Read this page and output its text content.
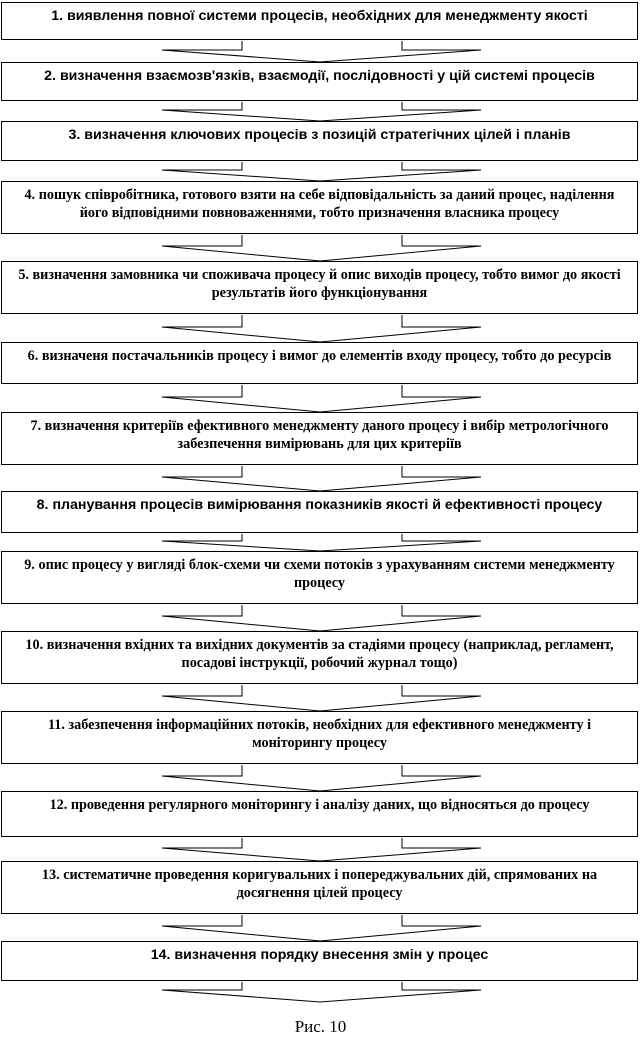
1. виявлення повної системи процесів, необхідних для менеджменту якості
2. визначення взаємозв'язків, взаємодії, послідовності у цій системі процесів
3. визначення ключових процесів з позицій стратегічних цілей і планів
4. пошук співробітника, готового взяти на себе відповідальність за даний процес, наділення його відповідними повноваженнями, тобто призначення власника процесу
5. визначення замовника чи споживача процесу й опис виходів процесу, тобто вимог до якості результатів його функціонування
6. визначеня постачальників процесу і вимог до елементів входу процесу, тобто до ресурсів
7. визначення критеріїв ефективного менеджменту даного процесу і вибір метрологічного забезпечення вимірювань для цих критеріїв
8. планування процесів вимірювання показників якості й ефективності процесу
9. опис процесу у вигляді блок-схеми чи схеми потоків з урахуванням системи менеджменту процесу
10. визначення вхідних та вихідних документів за стадіями процесу (наприклад, регламент, посадові інструкції, робочий журнал тощо)
11. забезпечення інформаційних потоків, необхідних для ефективного менеджменту і моніторингу процесу
12. проведення регулярного моніторингу і аналізу даних, що відносяться до процесу
13. систематичне проведення коригувальних і попереджувальних дій, спрямованих на досягнення цілей процесу
14. визначення порядку внесення змін у процес
Рис. 10
